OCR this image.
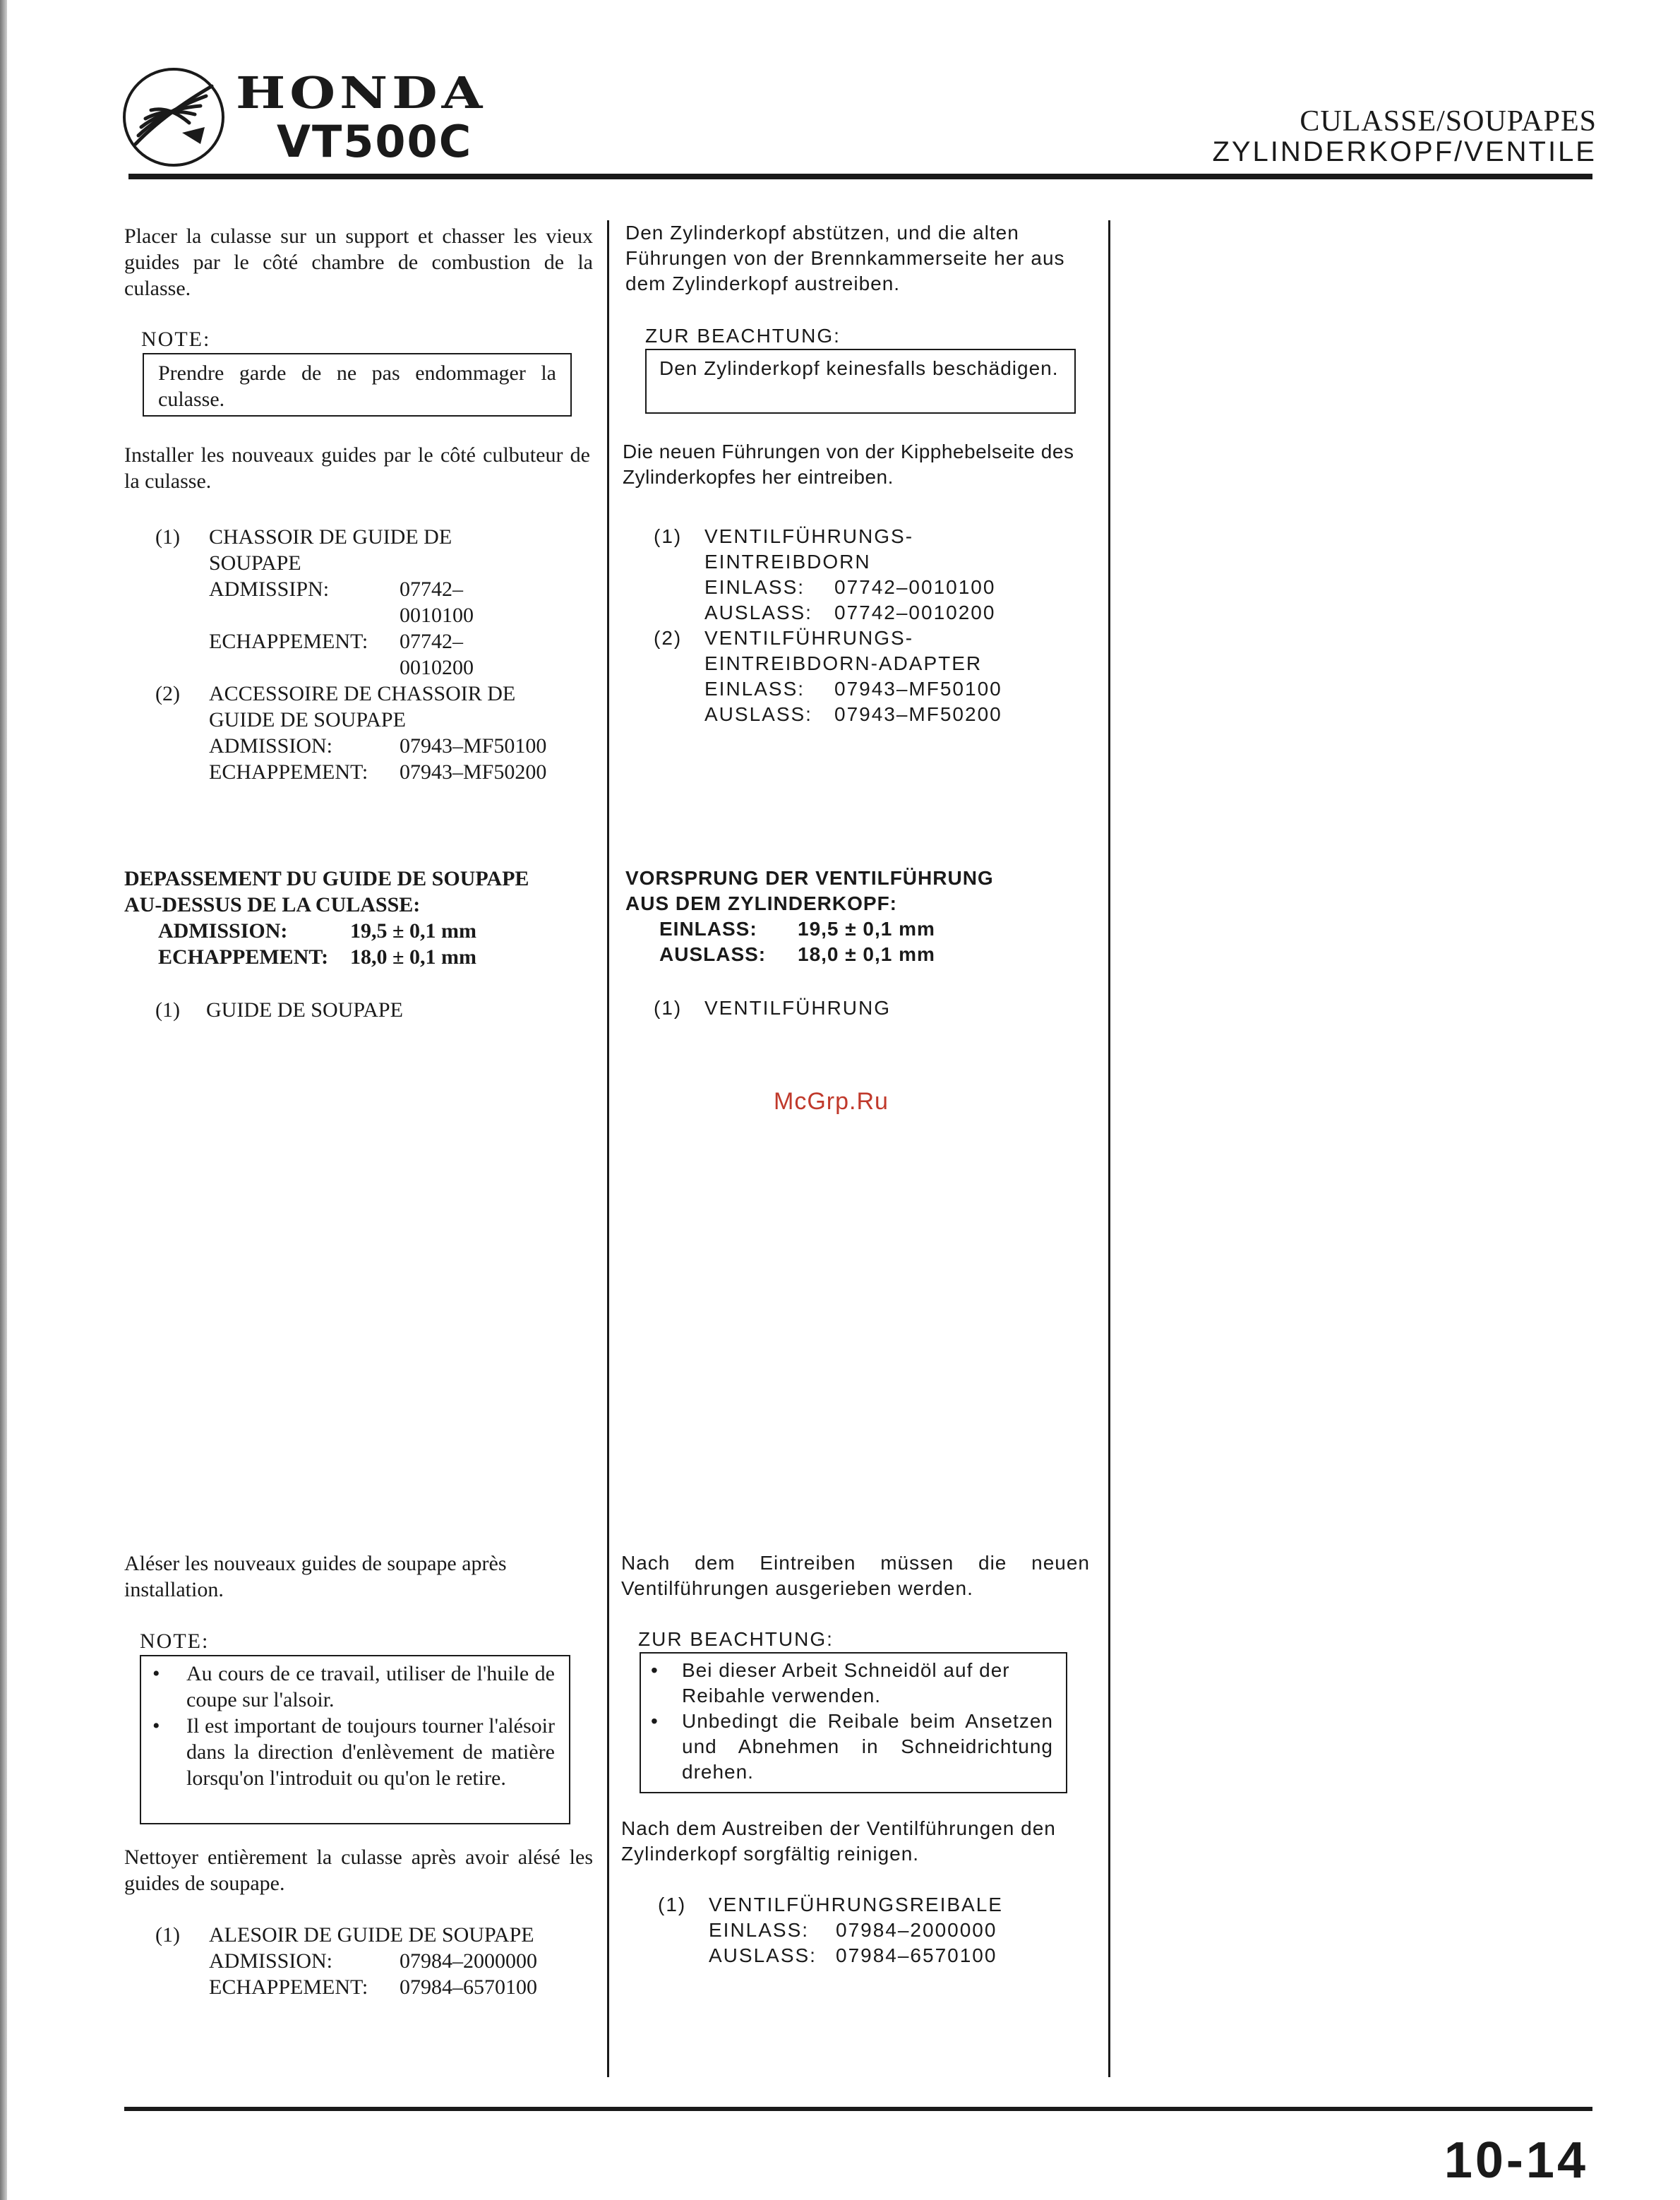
HONDA
VT500C	CULASSE/SOUPAPES
ZYLINDERKOPF/VENTILE
Placer la culasse sur un support et chasser les vieux guides par le côté chambre de combustion de la culasse.
NOTE:
Prendre garde de ne pas endommager la culasse.
Installer les nouveaux guides par le côté culbuteur de la culasse.
(1)	CHASSOIR DE GUIDE DE SOUPAPE
ADMISSIPN:	07742–0010100
ECHAPPEMENT:	07742–0010200
(2)	ACCESSOIRE DE CHASSOIR DE GUIDE DE SOUPAPE
ADMISSION:	07943–MF50100
ECHAPPEMENT:	07943–MF50200
DEPASSEMENT DU GUIDE DE SOUPAPE
AU-DESSUS DE LA CULASSE:
ADMISSION:	19,5 ± 0,1 mm
ECHAPPEMENT:	18,0 ± 0,1 mm
(1)	GUIDE DE SOUPAPE
Aléser les nouveaux guides de soupape après installation.
NOTE:
•	Au cours de ce travail, utiliser de l'huile de coupe sur l'alsoir.
•	Il est important de toujours tourner l'alésoir dans la direction d'enlèvement de matière lorsqu'on l'introduit ou qu'on le retire.
Nettoyer entièrement la culasse après avoir alésé les guides de soupape.
(1)	ALESOIR DE GUIDE DE SOUPAPE
ADMISSION:	07984–2000000
ECHAPPEMENT:	07984–6570100
Den Zylinderkopf abstützen, und die alten Führungen von der Brennkammerseite her aus dem Zylinderkopf austreiben.
ZUR BEACHTUNG:
Den Zylinderkopf keinesfalls beschädigen.
Die neuen Führungen von der Kipphebelseite des Zylinderkopfes her eintreiben.
(1)	VENTILFÜHRUNGS-EINTREIBDORN
EINLASS:	07742–0010100
AUSLASS:	07742–0010200
(2)	VENTILFÜHRUNGS-EINTREIBDORN-ADAPTER
EINLASS:	07943–MF50100
AUSLASS:	07943–MF50200
VORSPRUNG DER VENTILFÜHRUNG
AUS DEM ZYLINDERKOPF:
EINLASS:	19,5 ± 0,1 mm
AUSLASS:	18,0 ± 0,1 mm
(1)	VENTILFÜHRUNG
McGrp.Ru
Nach dem Eintreiben müssen die neuen Ventilführungen ausgerieben werden.
ZUR BEACHTUNG:
•	Bei dieser Arbeit Schneidöl auf der Reibahle verwenden.
•	Unbedingt die Reibale beim Ansetzen und Abnehmen in Schneidrichtung drehen.
Nach dem Austreiben der Ventilführungen den Zylinderkopf sorgfältig reinigen.
(1)	VENTILFÜHRUNGSREIBALE
EINLASS:	07984–2000000
AUSLASS: 07984–6570100
10-14
